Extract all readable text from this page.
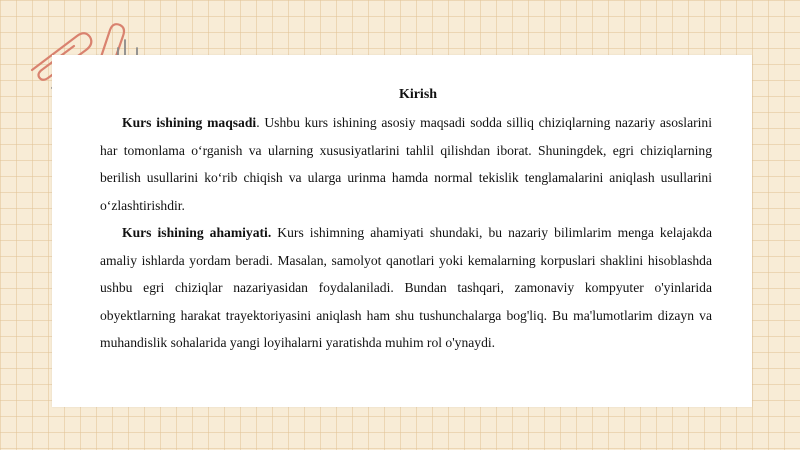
Kirish

Kurs ishining maqsadi. Ushbu kurs ishining asosiy maqsadi sodda silliq chiziqlarning nazariy asoslarini har tomonlama o‘rganish va ularning xususiyatlarini tahlil qilishdan iborat. Shuningdek, egri chiziqlarning berilish usullarini ko‘rib chiqish va ularga urinma hamda normal tekislik tenglamalarini aniqlash usullarini o‘zlashtirishdir.

Kurs ishining ahamiyati. Kurs ishimning ahamiyati shundaki, bu nazariy bilimlarim menga kelajakda amaliy ishlarda yordam beradi. Masalan, samolyot qanotlari yoki kemalarning korpuslari shaklini hisoblashda ushbu egri chiziqlar nazariyasidan foydalaniladi. Bundan tashqari, zamonaviy kompyuter o'yinlarida obyektlarning harakat trayektoriyasini aniqlash ham shu tushunchalarga bog'liq. Bu ma'lumotlarim dizayn va muhandislik sohalarida yangi loyihalarni yaratishda muhim rol o'ynaydi.
